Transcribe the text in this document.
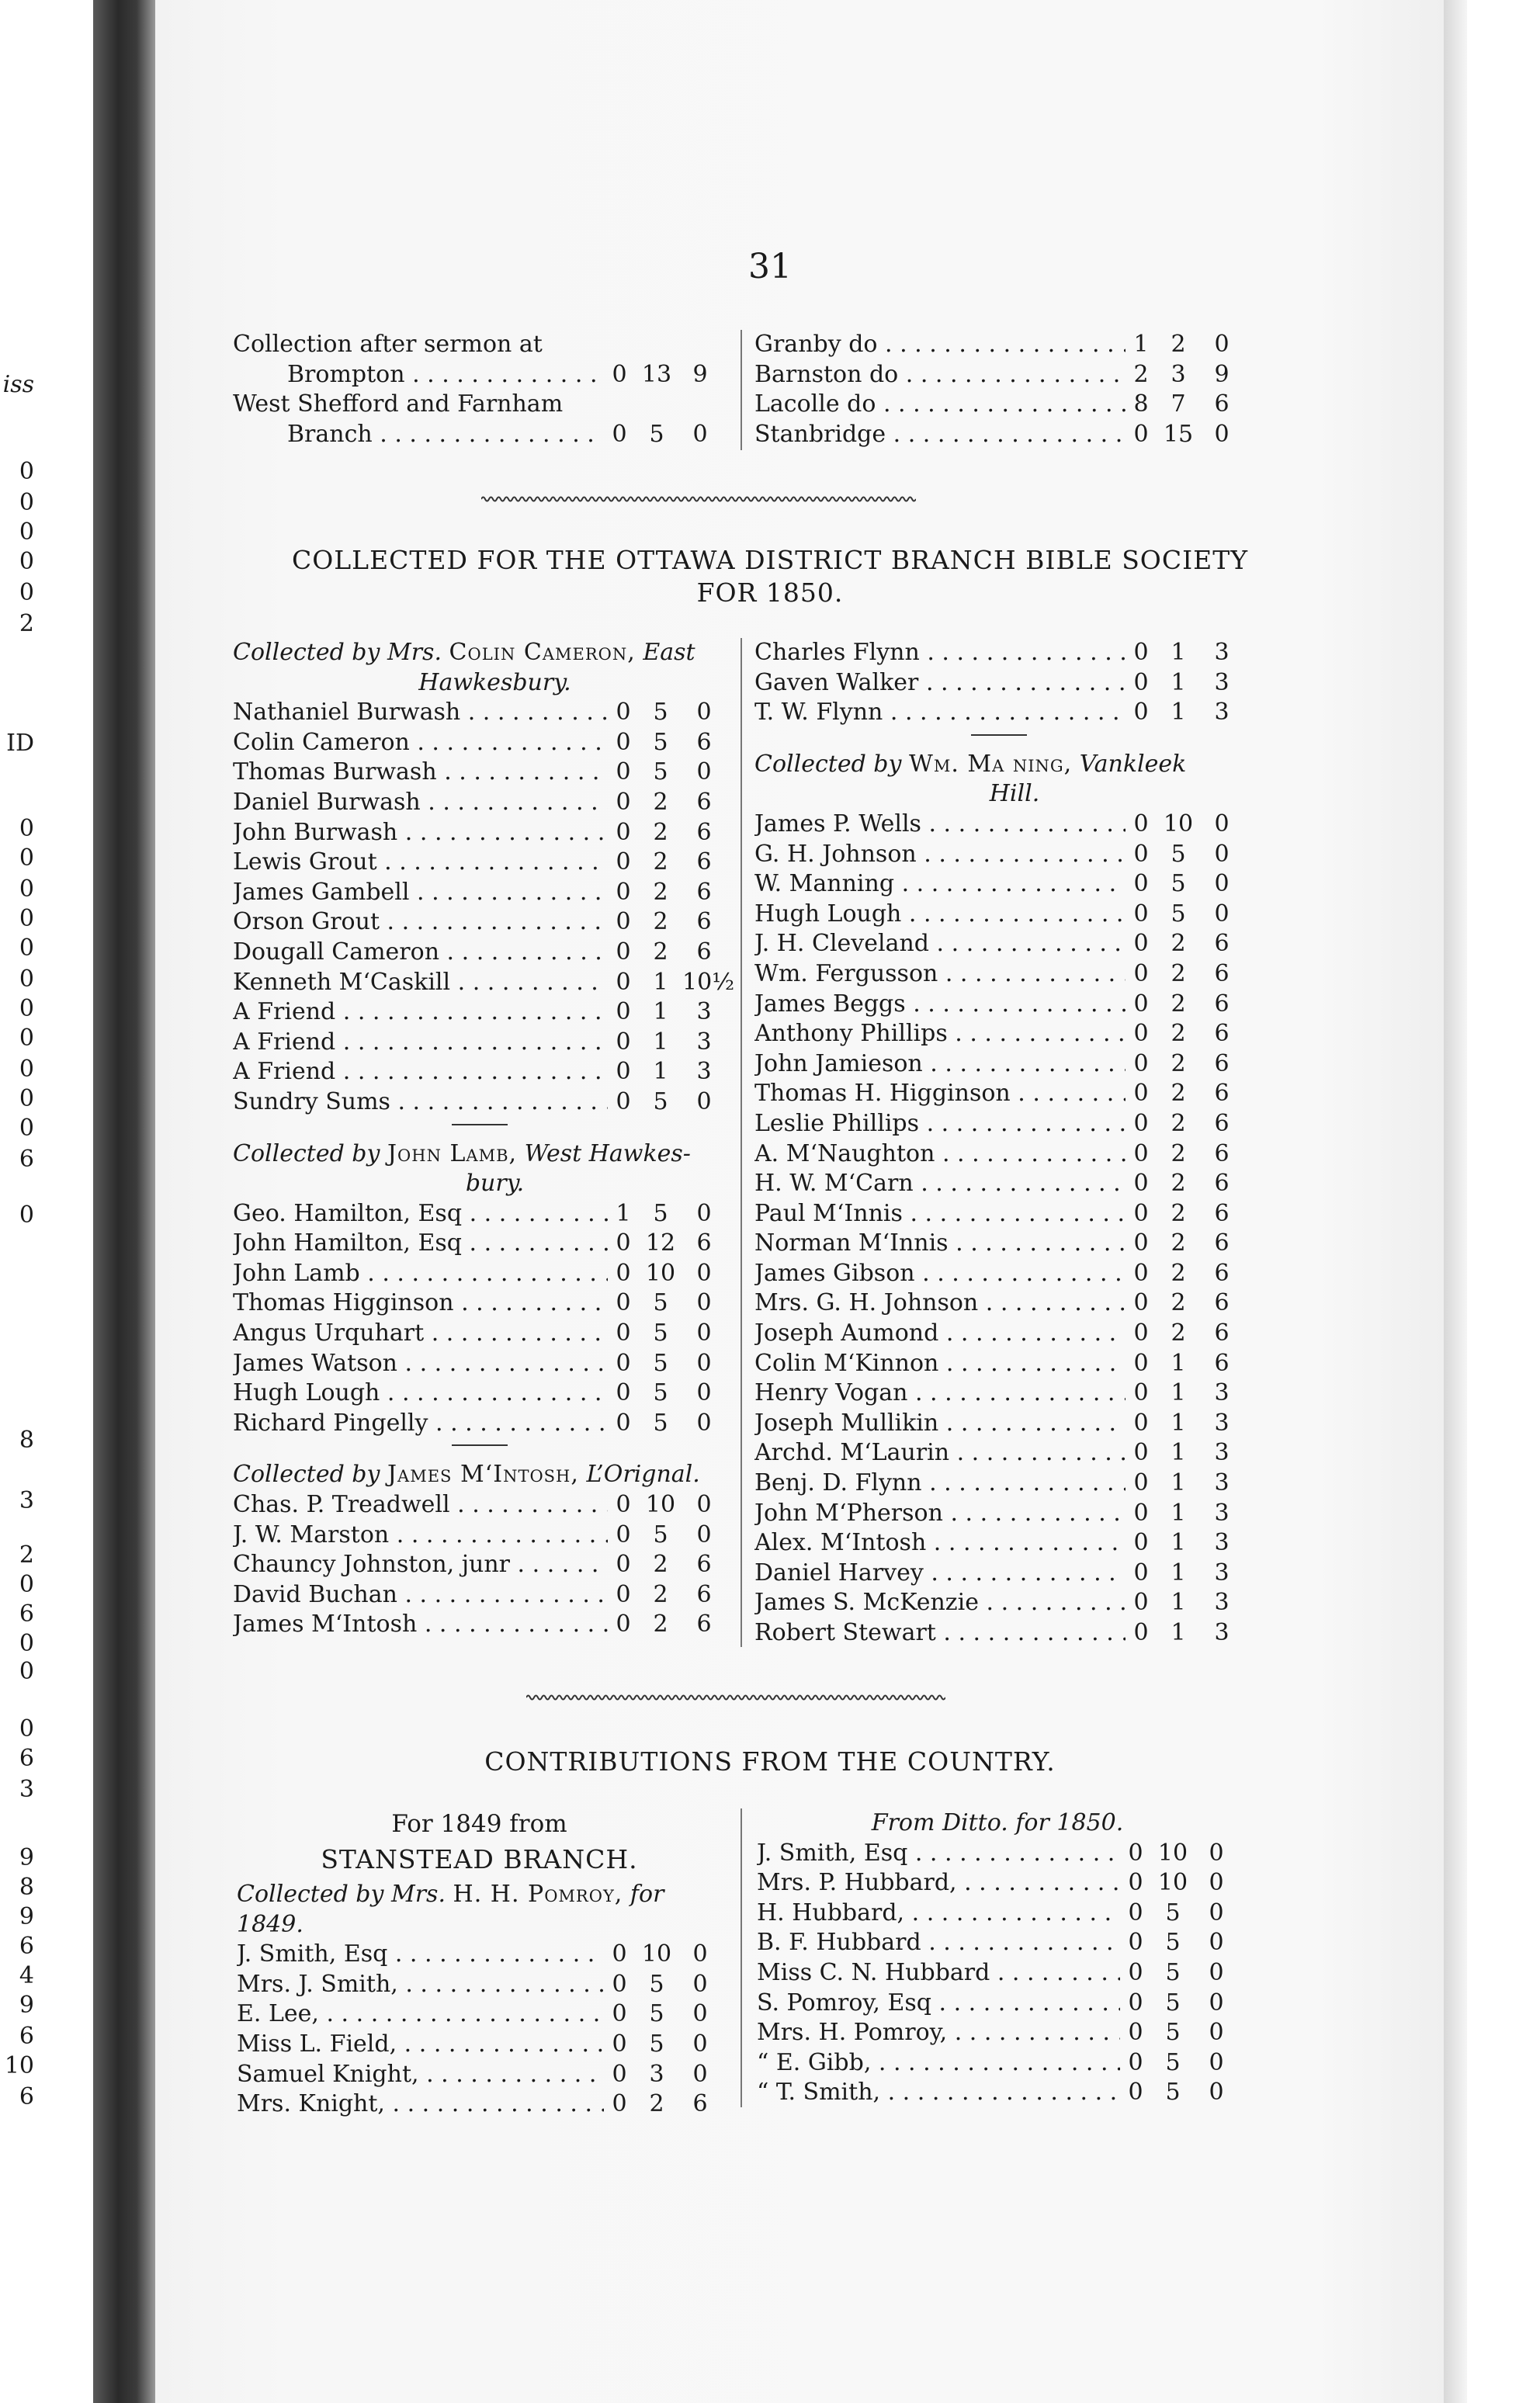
iss
0
0
0
0
0
2
ID
0
0
0
0
0
0
0
0
0
0
0
6
0
8
3
2
0
6
0
0
0
6
3
9
8
9
6
4
9
6
10
6
31
Collection after sermon at
Brompton . . .	0 13 9
West Shefford and Farnham
Branch . . .	0 5	0
Granby do . . .	1 2	0
Barnston do . . .	2 3	9
Lacolle do . . .	8 7	6
Stanbridge . . .	0 15 0
COLLECTED FOR THE OTTAWA DISTRICT BRANCH BIBLE SOCIETY
FOR 1850.
Collected by Mrs. Colin Cameron, East
Hawkesbury.
Nathaniel Burwash . . .	0 5	0
Colin Cameron . . .	0 5	6
Thomas Burwash . . .	0 5	0
Daniel Burwash . . .	0 2	6
John Burwash . . .	0 2	6
Lewis Grout . . .	0 2	6
James Gambell . . .	0 2	6
Orson Grout . . .	0 2	6
Dougall Cameron . . .	0 2	6
Kenneth M‘Caskill . . .	0 1 10½
A Friend . . .	0 1	3
A Friend . . .	0 1	3
A Friend . . .	0 1	3
Sundry Sums . . .	0 5	0
Collected by John Lamb, West Hawkes-
bury.
Geo. Hamilton, Esq . . .	1 5	0
John Hamilton, Esq . . .	0 12 6
John Lamb . . .	0 10 0
Thomas Higginson . . .	0 5	0
Angus Urquhart . . .	0 5	0
James Watson . . .	0 5	0
Hugh Lough . . .	0 5	0
Richard Pingelly . . .	0 5	0
Collected by James M‘Intosh, L’Orignal.
Chas. P. Treadwell . . .	0 10 0
J. W. Marston . . .	0 5	0
Chauncy Johnston, junr . . .	0 2	6
David Buchan . . .	0 2	6
James M‘Intosh . . .	0 2	6
Charles Flynn . . .	0 1	3
Gaven Walker . . .	0 1	3
T. W. Flynn . . .	0 1	3
Collected by Wm. Ma ning, Vankleek
Hill.
James P. Wells . . .	0 10 0
G. H. Johnson . . .	0 5	0
W. Manning . . .	0 5	0
Hugh Lough . . .	0 5	0
J. H. Cleveland . . .	0 2	6
Wm. Fergusson . . .	0 2	6
James Beggs . . .	0 2	6
Anthony Phillips . . .	0 2	6
John Jamieson . . .	0 2	6
Thomas H. Higginson . . .	0 2	6
Leslie Phillips . . .	0 2	6
A. M‘Naughton . . .	0 2	6
H. W. M‘Carn . . .	0 2	6
Paul M‘Innis . . .	0 2	6
Norman M‘Innis . . .	0 2	6
James Gibson . . .	0 2	6
Mrs. G. H. Johnson . . .	0 2	6
Joseph Aumond . . .	0 2	6
Colin M‘Kinnon . . .	0 1	6
Henry Vogan . . .	0 1	3
Joseph Mullikin . . .	0 1	3
Archd. M‘Laurin . . .	0 1	3
Benj. D. Flynn . . .	0 1	3
John M‘Pherson . . .	0 1	3
Alex. M‘Intosh . . .	0 1	3
Daniel Harvey . . .	0 1	3
James S. McKenzie . . .	0 1	3
Robert Stewart . . .	0 1	3
CONTRIBUTIONS FROM THE COUNTRY.
For 1849 from
STANSTEAD BRANCH.
Collected by Mrs. H. H. Pomroy, for 1849.
J. Smith, Esq . . .	0 10 0
Mrs. J. Smith, . . .	0 5	0
E. Lee, . . .	0 5	0
Miss L. Field, . . .	0 5	0
Samuel Knight, . . .	0 3	0
Mrs. Knight, . . .	0 2	6
From Ditto. for 1850.
J. Smith, Esq . . .	0 10 0
Mrs. P. Hubbard, . . .	0 10 0
H. Hubbard, . . .	0 5	0
B. F. Hubbard . . .	0 5	0
Miss C. N. Hubbard . . .	0 5	0
S. Pomroy, Esq . . .	0 5	0
Mrs. H. Pomroy, . . .	0 5	0
“ E. Gibb, . . .	0 5	0
“ T. Smith, . . .	0 5	0
